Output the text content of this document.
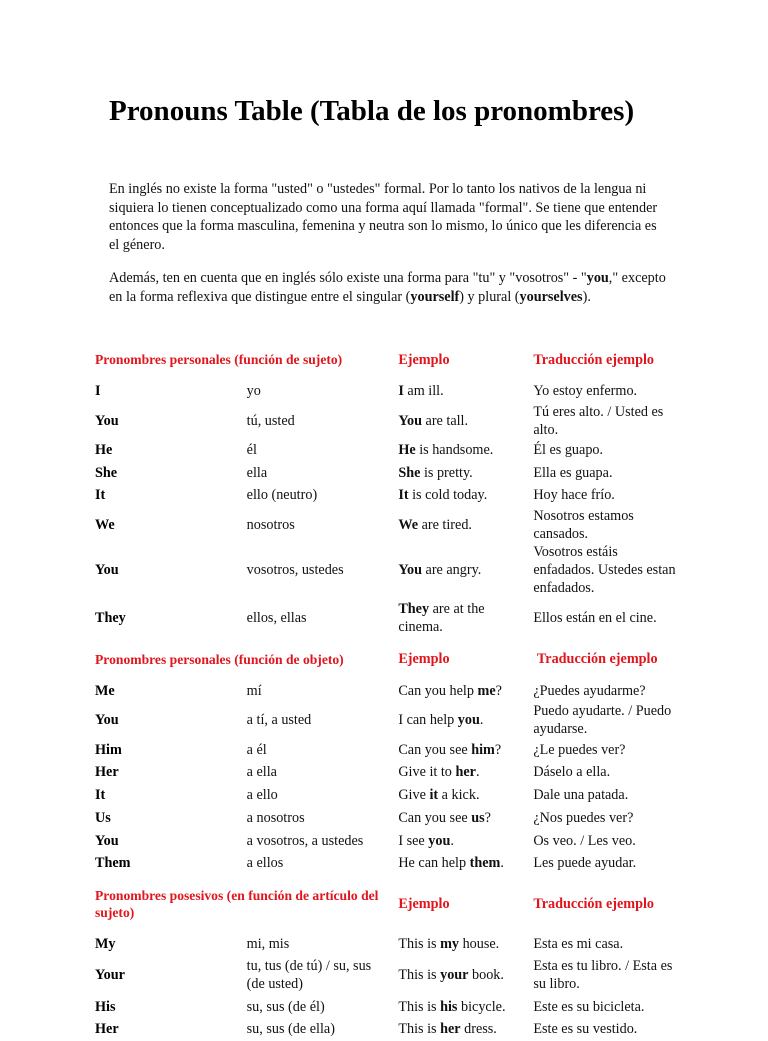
Pronouns Table (Tabla de los pronombres)

En inglés no existe la forma "usted" o "ustedes" formal. Por lo tanto los nativos de la lengua ni siquiera lo tienen conceptualizado como una forma aquí llamada "formal". Se tiene que entender entonces que la forma masculina, femenina y neutra son lo mismo, lo único que les diferencia es el género.

Además, ten en cuenta que en inglés sólo existe una forma para "tu" y "vosotros" - "you," excepto en la forma reflexiva que distingue entre el singular (yourself) y plural (yourselves).

Pronombres personales (función de sujeto)		Ejemplo	Traducción ejemplo
I	yo	I am ill.	Yo estoy enfermo.
You	tú, usted	You are tall.	Tú eres alto. / Usted es alto.
He	él	He is handsome.	Él es guapo.
She	ella	She is pretty.	Ella es guapa.
It	ello (neutro)	It is cold today.	Hoy hace frío.
We	nosotros	We are tired.	Nosotros estamos cansados.
You	vosotros, ustedes	You are angry.	Vosotros estáis enfadados. Ustedes estan enfadados.
They	ellos, ellas	They are at the cinema.	Ellos están en el cine.
Pronombres personales (función de objeto)		Ejemplo	Traducción ejemplo
Me	mí	Can you help me?	¿Puedes ayudarme?
You	a tí, a usted	I can help you.	Puedo ayudarte. / Puedo ayudarse.
Him	a él	Can you see him?	¿Le puedes ver?
Her	a ella	Give it to her.	Dáselo a ella.
It	a ello	Give it a kick.	Dale una patada.
Us	a nosotros	Can you see us?	¿Nos puedes ver?
You	a vosotros, a ustedes	I see you.	Os veo. / Les veo.
Them	a ellos	He can help them.	Les puede ayudar.
Pronombres posesivos (en función de artículo del sujeto)		Ejemplo	Traducción ejemplo
My	mi, mis	This is my house.	Esta es mi casa.
Your	tu, tus (de tú) / su, sus (de usted)	This is your book.	Esta es tu libro. / Esta es su libro.
His	su, sus (de él)	This is his bicycle.	Este es su bicicleta.
Her	su, sus (de ella)	This is her dress.	Este es su vestido.
